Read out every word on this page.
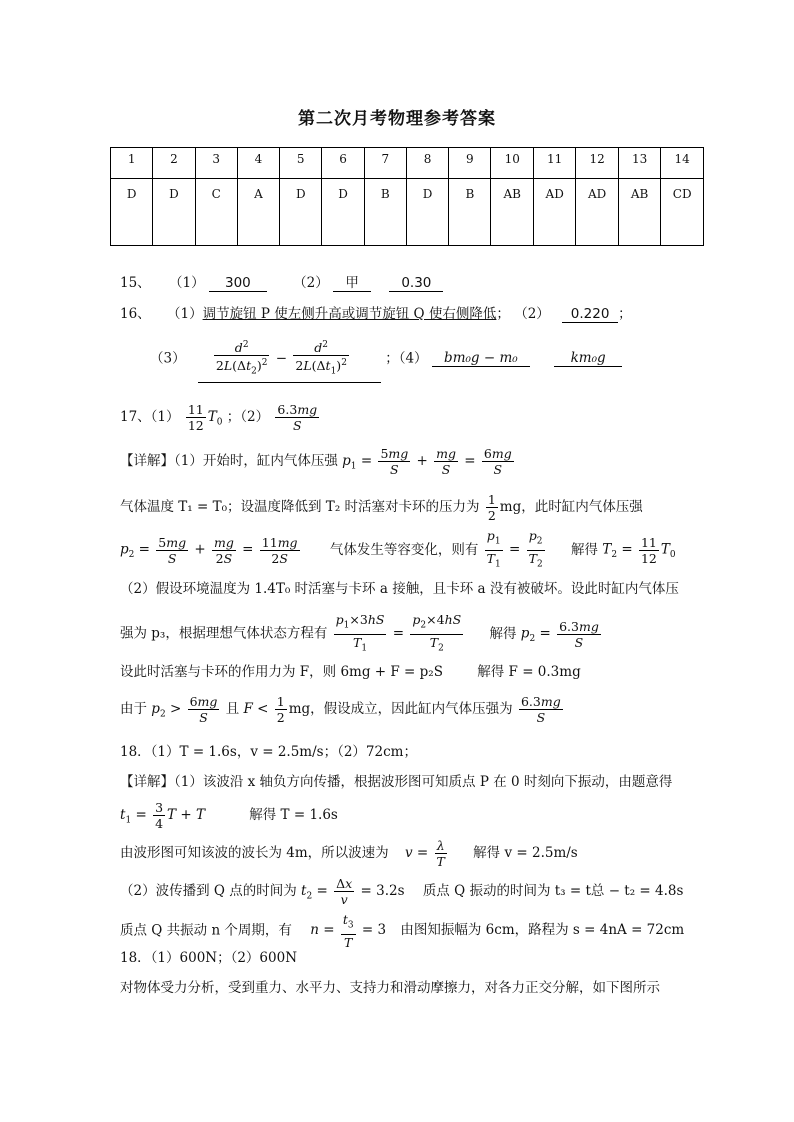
第二次月考物理参考答案
1	2	3	4	5	6	7	8	9	10	11	12	13	14
D	D	C	A	D	D	B	D	B	AB	AD	AD	AB	CD
15、 （1） 300	（2） 甲	0.30
16、 （1）调节旋钮 P 使左侧升高或调节旋钮 Q 使右侧降低； （2） 0.220 ；
$(3) \frac{d^2}{2L(\Delta t_2)^2} - \frac{d^2}{2L(\Delta t_1)^2}$	；（4） bm₀g − m₀	km₀g
17、$(1) \frac{11}{12} T_0$ ；$(2) \frac{6.3mg}{S}$
【详解】（1）开始时，缸内气体压强 $p_1 = \frac{5mg}{S} + \frac{mg}{S} = \frac{6mg}{S}$
气体温度 T₁ = T₀；设温度降低到 T₂ 时活塞对卡环的压力为 $\frac{1}{2}$ mg，此时缸内气体压强
$p_2 = \frac{5mg}{S} + \frac{mg}{2S} = \frac{11mg}{2S}$ 气体发生等容变化，则有 $\frac{p_1}{T_1} = \frac{p_2}{T_2}$ 解得 $T_2 = \frac{11}{12} T_0$
（2）假设环境温度为 1.4T₀ 时活塞与卡环 a 接触，且卡环 a 没有被破坏。设此时缸内气体压
强为 p₃，根据理想气体状态方程有 $\frac{p_1\times 3hS}{T_1} = \frac{p_2\times 4hS}{T_2}$ 解得 $p_2 = \frac{6.3mg}{S}$
设此时活塞与卡环的作用力为 F，则 6mg + F = p₂S	解得 F = 0.3mg
由于 $p_2 > \frac{6mg}{S}$ 且 $F < \frac{1}{2}$ mg，假设成立，因此缸内气体压强为 $\frac{6.3mg}{S}$
18．（1）T = 1.6s，v = 2.5m/s；（2）72cm；
【详解】（1）该波沿 x 轴负方向传播，根据波形图可知质点 P 在 0 时刻向下振动，由题意得
$t_1 = \frac{3}{4}$ T + T	解得 T = 1.6s
由波形图可知该波的波长为 4m，所以波速为 $v = \frac{\lambda}{T}$ 解得 v = 2.5m/s
（2）波传播到 Q 点的时间为 $t_2 = \frac{\Delta x}{v} = 3.2s$ 质点 Q 振动的时间为 t₃ = t总 − t₂ = 4.8s
质点 Q 共振动 n 个周期，有 $n = \frac{t_3}{T} = 3$ 由图知振幅为 6cm，路程为 s = 4nA = 72cm
18．（1）600N；（2）600N
对物体受力分析，受到重力、水平力、支持力和滑动摩擦力，对各力正交分解，如下图所示
